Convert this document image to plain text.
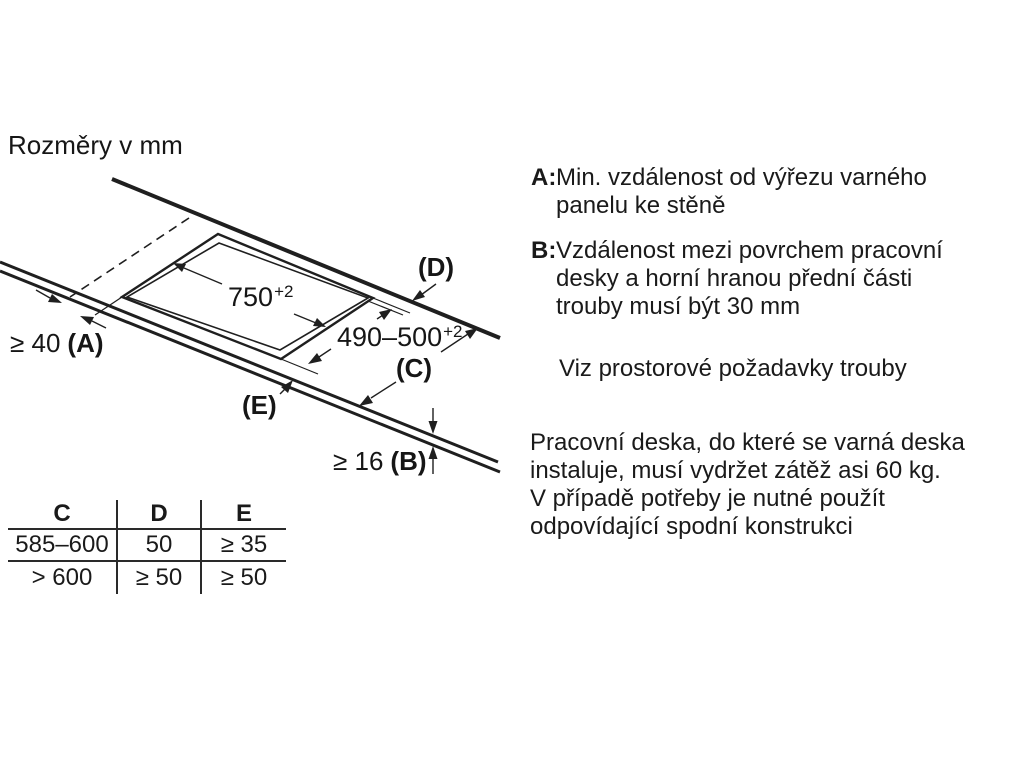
Rozměry v mm
$750^{+2}$
$490-500^{+2}$
(C)
(D)
(E)
≥ 16 (B)
≥ 40 (A)
A: Min. vzdálenost od výřezu varného
panelu ke stěně
B: Vzdálenost mezi povrchem pracovní
desky a horní hranou přední části
trouby musí být 30 mm
Viz prostorové požadavky trouby
Pracovní deska, do které se varná deska
instaluje, musí vydržet zátěž asi 60 kg.
V případě potřeby je nutné použít
odpovídající spodní konstrukci
C	D	E
585–600	50	≥ 35
> 600	≥ 50	≥ 50
